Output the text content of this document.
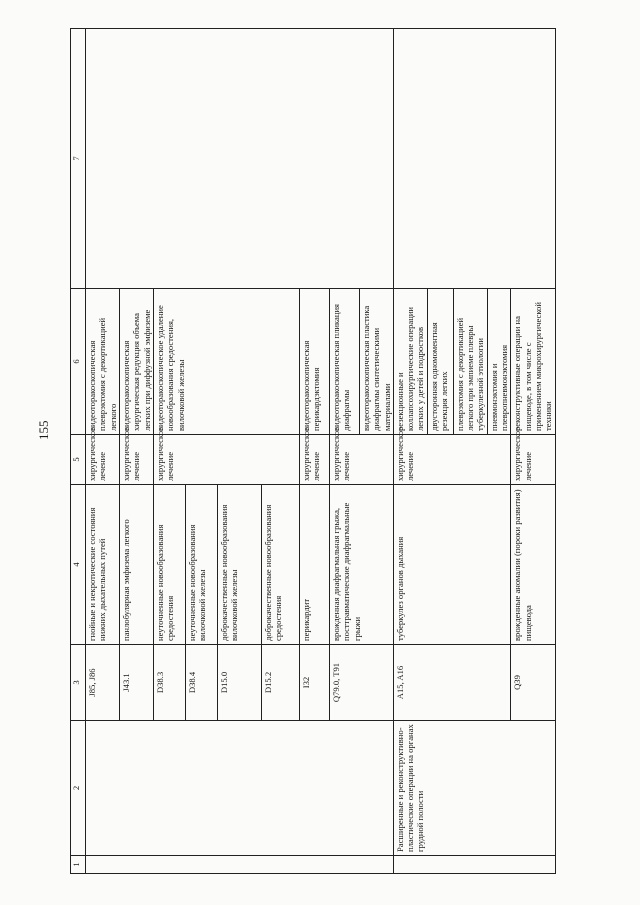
155
1	2	3	4	5	6	7
		J85, J86	гнойные и некротические состояния нижних дыхательных путей	хирургическое лечение	видеоторакоскопическая плеврэктомия с декортикацией легкого	
		J43.1	панлобулярная эмфизема легкого	хирургическое лечение	видеоторакоскопическая хирургическая редукция объема легких при диффузной эмфиземе	
		D38.3	неуточненные новообразования средостения	хирургическое лечение	видеоторакоскопическое удаление новообразования средостения, вилочковой железы	
		D38.4	неуточненные новообразования вилочковой железы			
		D15.0	доброкачественные новообразования вилочковой железы			
		D15.2	доброкачественные новообразования средостения			
		I32	перикардит	хирургическое лечение	видеоторакоскопическая перикардэктомия	
		Q79.0, T91	врожденная диафрагмальная грыжа, посттравматические диафрагмальные грыжи	хирургическое лечение	видеоторакоскопическая пликация диафрагмы	
					видеоторакоскопическая пластика диафрагмы синтетическими материалами	
	Расширенные и реконструктивно-пластические операции на органах грудной полости	A15, A16	туберкулез органов дыхания	хирургическое лечение	резекционные и коллапсохирургические операции легких у детей и подростков	
					двусторонняя одномоментная резекция легких	
					плеврэктомия с декортикацией легкого при эмпиеме плевры туберкулезной этиологии	
					пневмонэктомия и плевропневмонэктомия	
		Q39	врожденные аномалии (пороки развития) пищевода	хирургическое лечение	реконструктивные операции на пищеводе, в том числе с применением микрохирургической техники	
